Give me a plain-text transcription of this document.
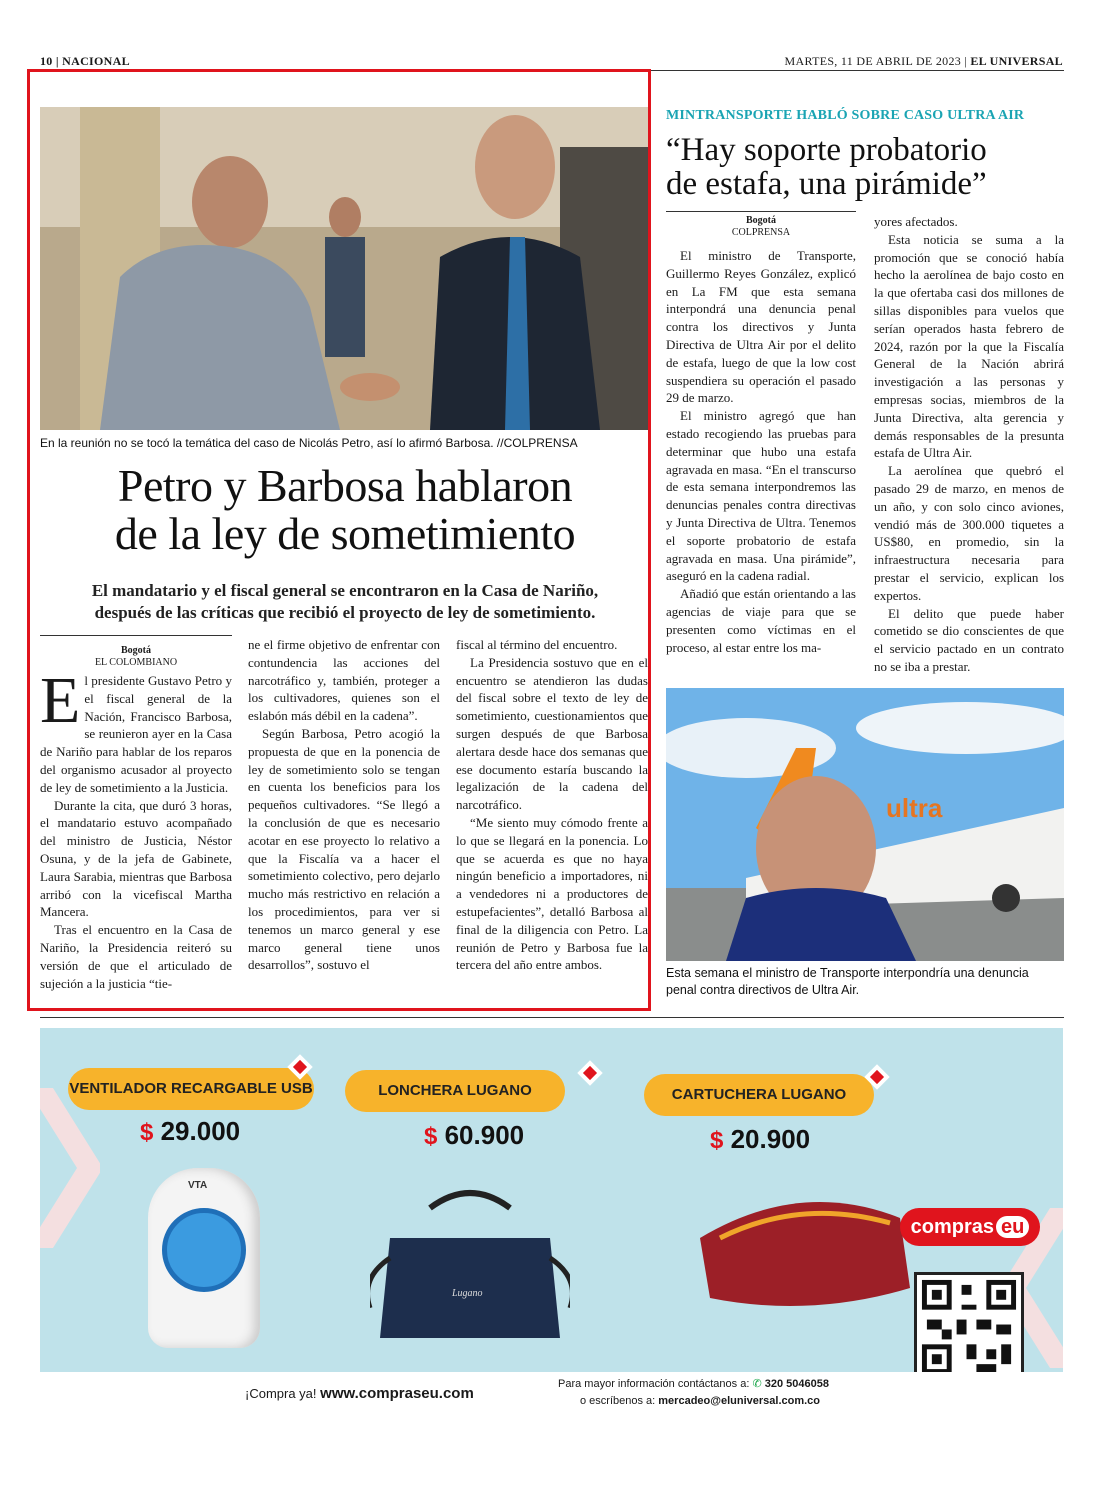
10 | NACIONAL	MARTES, 11 DE ABRIL DE 2023 | EL UNIVERSAL
En la reunión no se tocó la temática del caso de Nicolás Petro, así lo afirmó Barbosa. //COLPRENSA
Petro y Barbosa hablaron
de la ley de sometimiento
El mandatario y el fiscal general se encontraron en la Casa de Nariño,
después de las críticas que recibió el proyecto de ley de sometimiento.
Bogotá
EL COLOMBIANO
E l presidente Gustavo Petro y el fiscal general de la Nación, Francisco Barbosa, se reunieron ayer en la Casa de Nariño para hablar de los reparos del organismo acusador al proyecto de ley de sometimiento a la Justicia.

Durante la cita, que duró 3 horas, el mandatario estuvo acompañado del ministro de Justicia, Néstor Osuna, y de la jefa de Gabinete, Laura Sarabia, mientras que Barbosa arribó con la vicefiscal Martha Mancera.

Tras el encuentro en la Casa de Nariño, la Presidencia reiteró su versión de que el articulado de sujeción a la justicia “tie-

ne el firme objetivo de enfrentar con contundencia las acciones del narcotráfico y, también, proteger a los cultivadores, quienes son el eslabón más débil en la cadena”.

Según Barbosa, Petro acogió la propuesta de que en la ponencia de ley de sometimiento solo se tengan en cuenta los beneficios para los pequeños cultivadores. “Se llegó a la conclusión de que es necesario acotar en ese proyecto lo relativo a que la Fiscalía va a hacer el sometimiento colectivo, pero dejarlo mucho más restrictivo en relación a los procedimientos, para ver si tenemos un marco general y ese marco general tiene unos desarrollos”, sostuvo el

fiscal al término del encuentro.

La Presidencia sostuvo que en el encuentro se atendieron las dudas del fiscal sobre el texto de ley de sometimiento, cuestionamientos que surgen después de que Barbosa alertara desde hace dos semanas que ese documento estaría buscando la legalización de la cadena del narcotráfico.

“Me siento muy cómodo frente a lo que se llegará en la ponencia. Lo que se acuerda es que no haya ningún beneficio a importadores, ni a vendedores ni a productores de estupefacientes”, detalló Barbosa al final de la diligencia con Petro. La reunión de Petro y Barbosa fue la tercera del año entre ambos.

MINTRANSPORTE HABLÓ SOBRE CASO ULTRA AIR
“Hay soporte probatorio
de estafa, una pirámide”
Bogotá
COLPRENSA

El ministro de Transporte, Guillermo Reyes González, explicó en La FM que esta semana interpondrá una denuncia penal contra los directivos y Junta Directiva de Ultra Air por el delito de estafa, luego de que la low cost suspendiera su operación el pasado 29 de marzo.

El ministro agregó que han estado recogiendo las pruebas para determinar que hubo una estafa agravada en masa. “En el transcurso de esta semana interpondremos las denuncias penales contra directivas y Junta Directiva de Ultra. Tenemos el soporte probatorio de estafa agravada en masa. Una pirámide”, aseguró en la cadena radial.

Añadió que están orientando a las agencias de viaje para que se presenten como víctimas en el proceso, al estar entre los ma-

yores afectados.

Esta noticia se suma a la promoción que se conoció había hecho la aerolínea de bajo costo en la que ofertaba casi dos millones de sillas disponibles para vuelos que serían operados hasta febrero de 2024, razón por la que la Fiscalía General de la Nación abrirá investigación a las personas y empresas socias, miembros de la Junta Directiva, alta gerencia y demás responsables de la presunta estafa de Ultra Air.

La aerolínea que quebró el pasado 29 de marzo, en menos de un año, y con solo cinco aviones, vendió más de 300.000 tiquetes a US$80, en promedio, sin la infraestructura necesaria para prestar el servicio, explican los expertos.

El delito que puede haber cometido se dio conscientes de que el servicio pactado en un contrato no se iba a prestar.

ultra
Esta semana el ministro de Transporte interpondría una denuncia
penal contra directivos de Ultra Air.
VENTILADOR RECARGABLE USB
$ 29.000
VTA
LONCHERA LUGANO
$ 60.900
Lugano
CARTUCHERA LUGANO
$ 20.900
compras eu
¡Compra ya! www.compraseu.com
Para mayor información contáctanos a: ✆ 320 5046058
o escríbenos a: mercadeo@eluniversal.com.co
